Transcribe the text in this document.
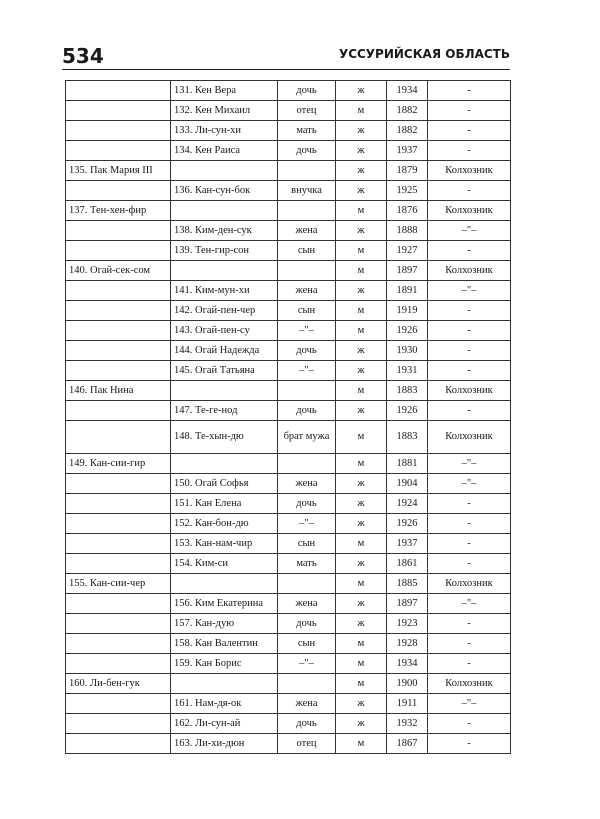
534	УССУРИЙСКАЯ ОБЛАСТЬ
	131. Кен Вера	дочь	ж	1934	-
	132. Кен Михаил	отец	м	1882	-
	133. Ли-сун-хи	мать	ж	1882	-
	134. Кен Раиса	дочь	ж	1937	-
135. Пак Мария III			ж	1879	Колхозник
	136. Кан-сун-бок	внучка	ж	1925	-
137. Тен-хен-фир			м	1876	Колхозник
	138. Ким-ден-сук	жена	ж	1888	–"–
	139. Тен-гир-сон	сын	м	1927	-
140. Огай-сек-сом			м	1897	Колхозник
	141. Ким-мун-хи	жена	ж	1891	–"–
	142. Огай-пен-чер	сын	м	1919	-
	143. Огай-пен-су	–"–	м	1926	-
	144. Огай Надежда	дочь	ж	1930	-
	145. Огай Татьяна	–"–	ж	1931	-
146. Пак Нина			м	1883	Колхозник
	147. Те-ге-нод	дочь	ж	1926	-
	148. Те-хын-дю	брат мужа	м	1883	Колхозник
149. Кан-сии-гир			м	1881	–"–
	150. Огай Софья	жена	ж	1904	–"–
	151. Кан Елена	дочь	ж	1924	-
	152. Кан-бон-дю	–"–	ж	1926	-
	153. Кан-нам-чир	сын	м	1937	-
	154. Ким-си	мать	ж	1861	-
155. Кан-сии-чер			м	1885	Колхозник
	156. Ким Екатерина	жена	ж	1897	–"–
	157. Кан-дую	дочь	ж	1923	-
	158. Кан Валентин	сын	м	1928	-
	159. Кан Борис	–"–	м	1934	-
160. Ли-бен-гук			м	1900	Колхозник
	161. Нам-дя-ок	жена	ж	1911	–"–
	162. Ли-сун-ай	дочь	ж	1932	-
	163. Ли-хи-дюн	отец	м	1867	-
